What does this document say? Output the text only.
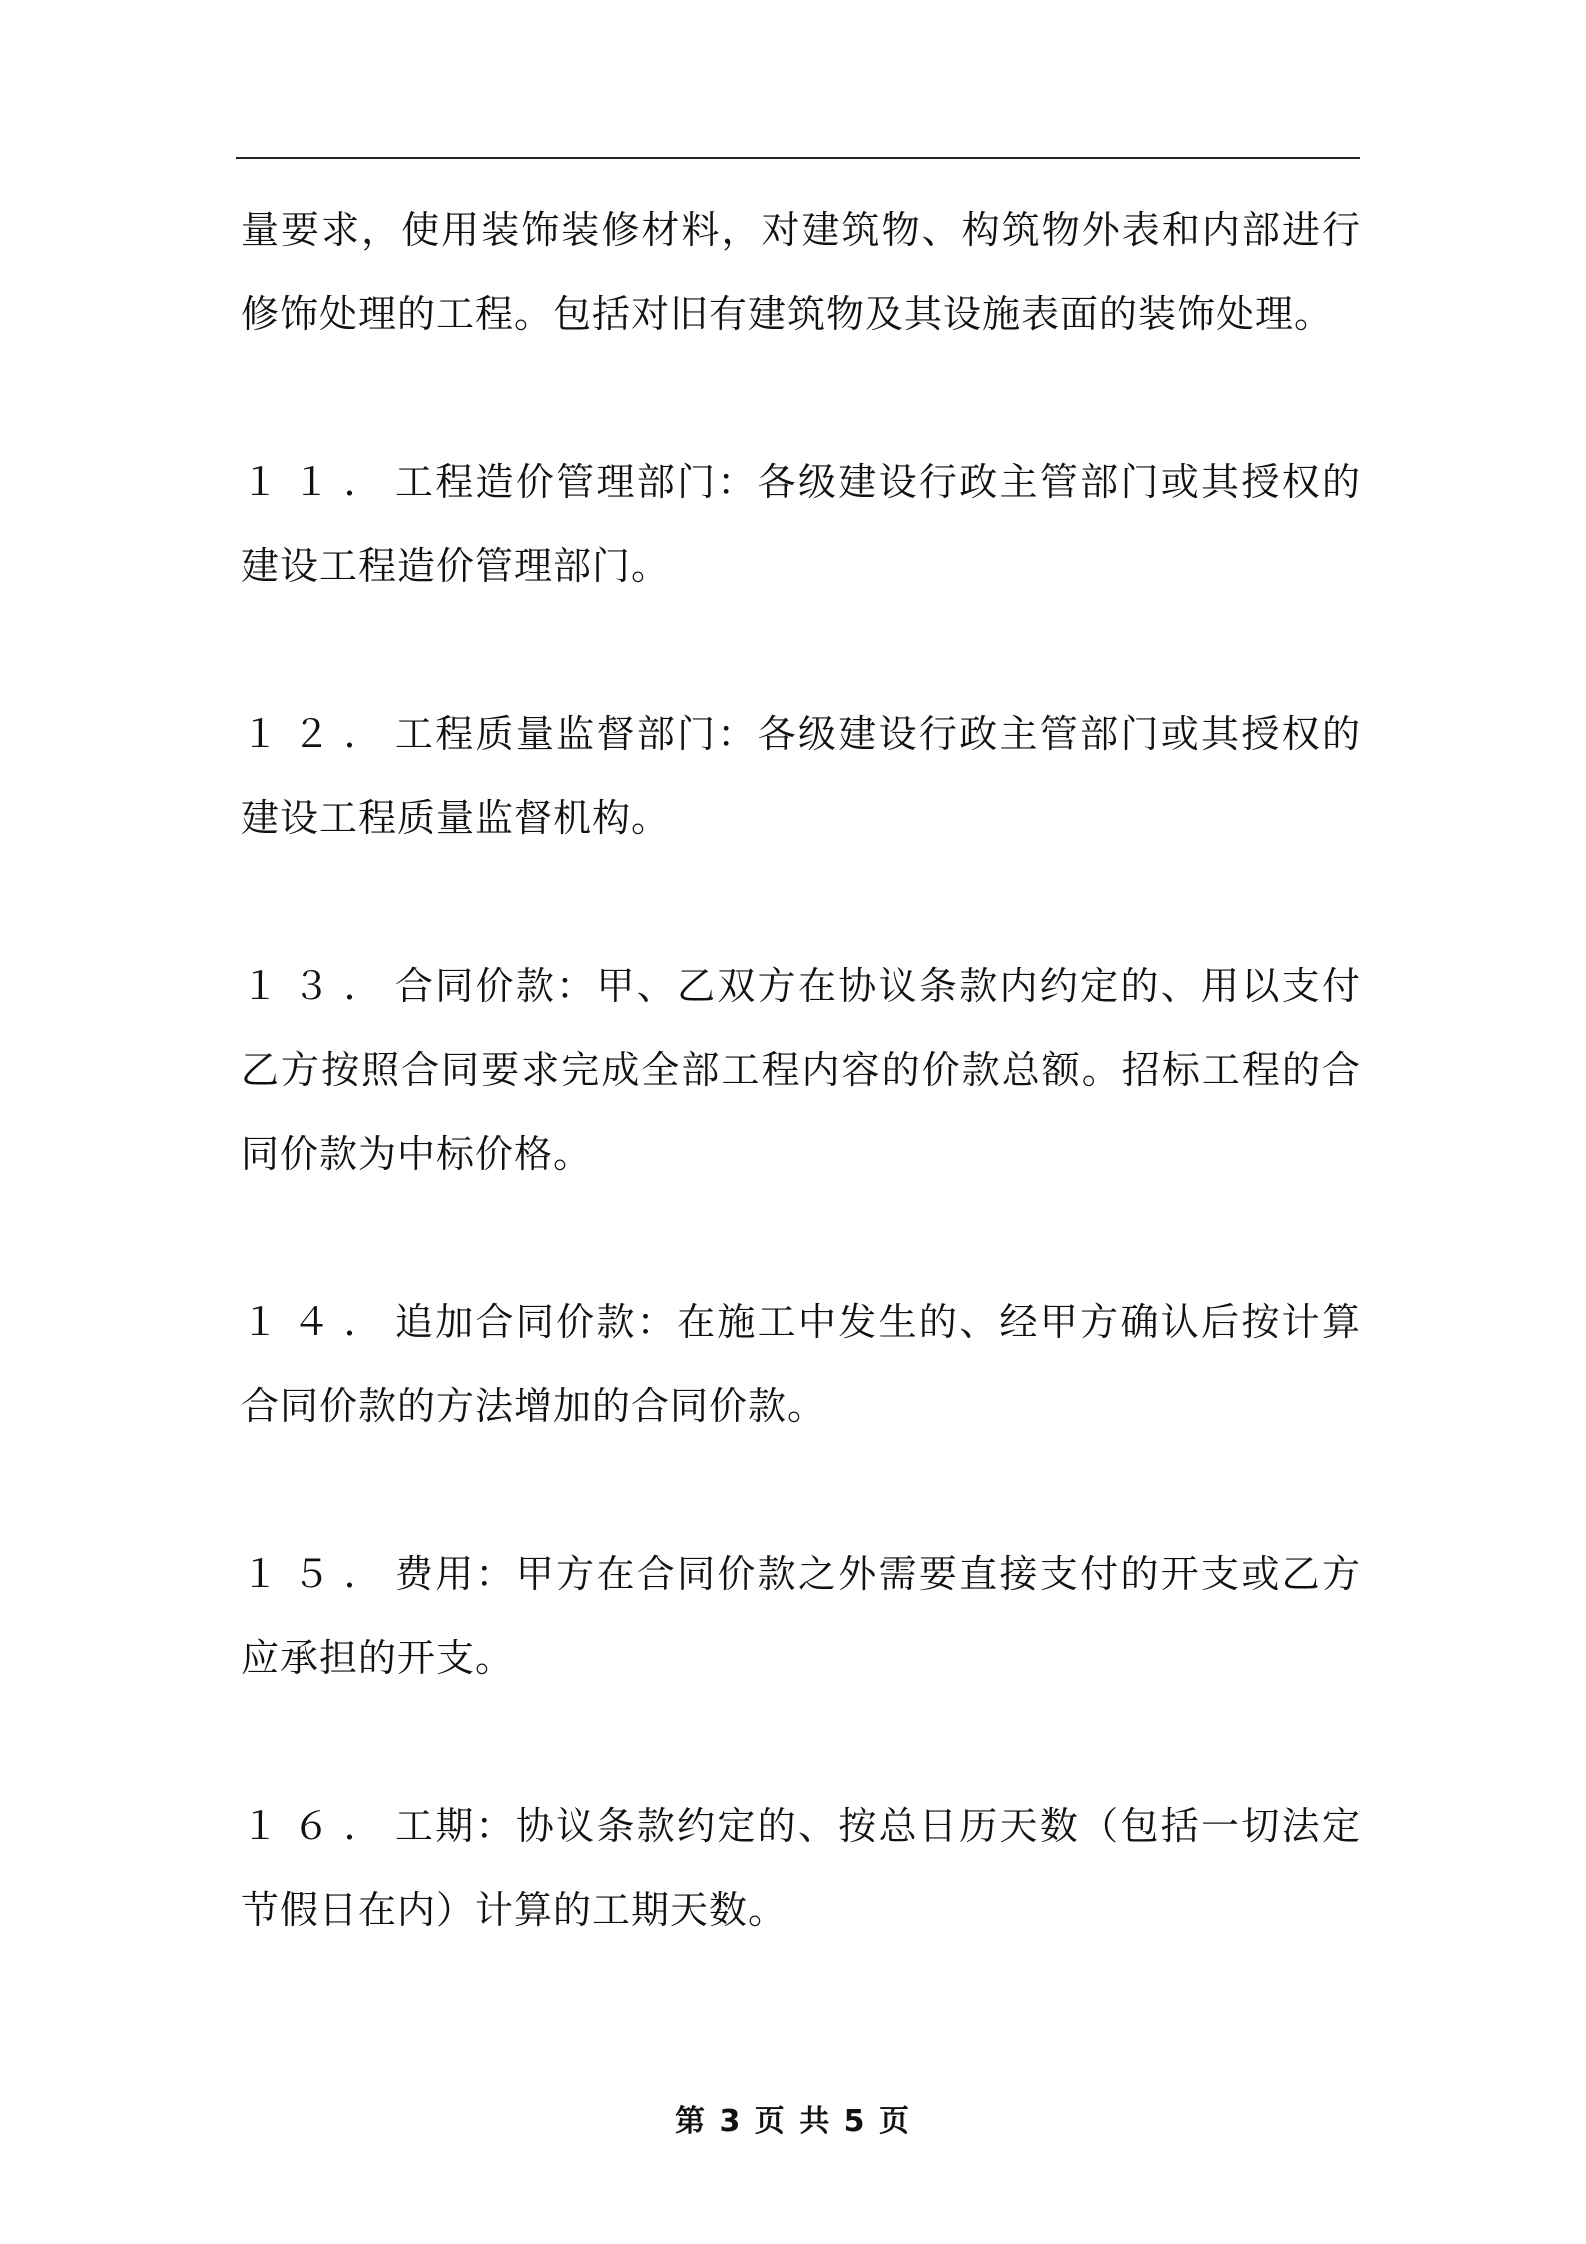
量要求，使用装饰装修材料，对建筑物、构筑物外表和内部进行修饰处理的工程。包括对旧有建筑物及其设施表面的装饰处理。

１１．工程造价管理部门：各级建设行政主管部门或其授权的建设工程造价管理部门。

１２．工程质量监督部门：各级建设行政主管部门或其授权的建设工程质量监督机构。

１３．合同价款：甲、乙双方在协议条款内约定的、用以支付乙方按照合同要求完成全部工程内容的价款总额。招标工程的合同价款为中标价格。

１４．追加合同价款：在施工中发生的、经甲方确认后按计算合同价款的方法增加的合同价款。

１５．费用：甲方在合同价款之外需要直接支付的开支或乙方应承担的开支。

１６．工期：协议条款约定的、按总日历天数（包括一切法定节假日在内）计算的工期天数。

第 3 页 共 5 页
